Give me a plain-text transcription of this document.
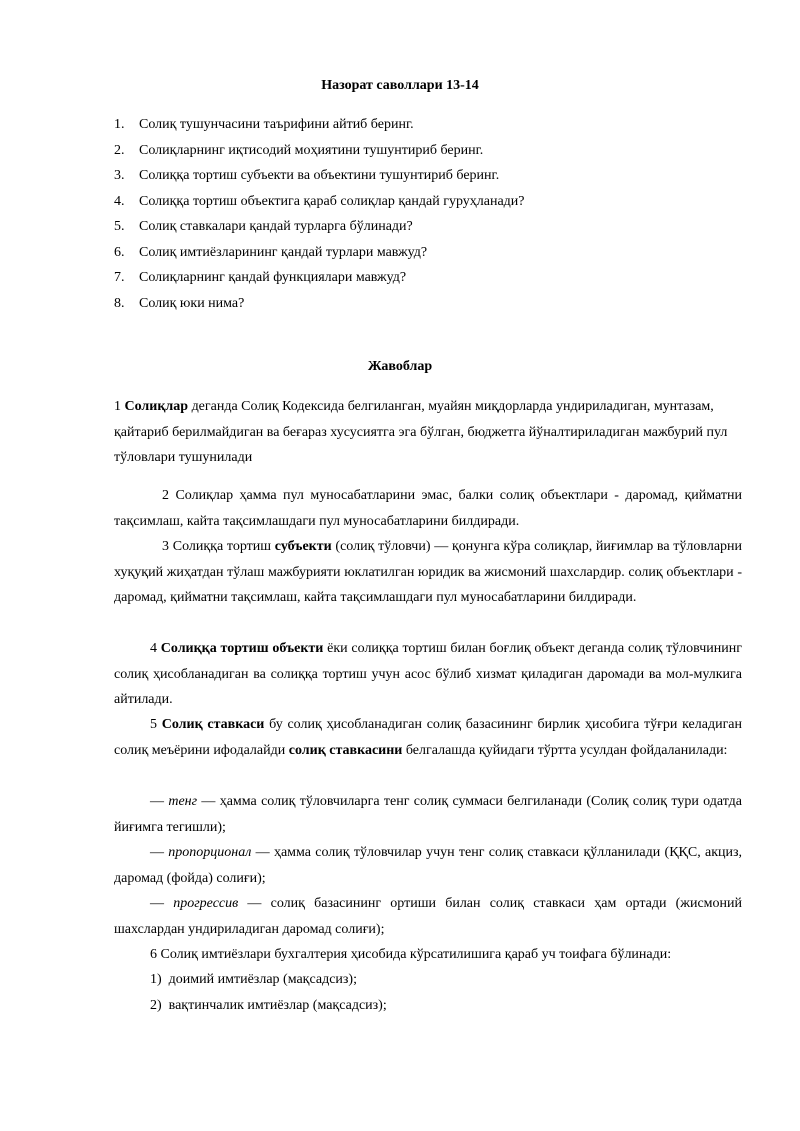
Назорат саволлари 13-14
1. Солиқ тушунчасини таърифини айтиб беринг.
2. Солиқларнинг иқтисодий моҳиятини тушунтириб беринг.
3. Солиққа тортиш субъекти ва объектини тушунтириб беринг.
4. Солиққа тортиш объектига қараб солиқлар қандай гуруҳланади?
5. Солиқ ставкалари қандай турларга бўлинади?
6. Солиқ имтиёзларининг қандай турлари мавжуд?
7. Солиқларнинг қандай функциялари мавжуд?
8. Солиқ юки нима?
Жавоблар
1 Солиқлар деганда Солиқ Кодексида белгиланган, муайян миқдорларда ундириладиган, мунтазам, қайтариб берилмайдиган ва беғараз хусусиятга эга бўлган, бюджетга йўналтириладиган мажбурий пул тўловлари тушунилади
2 Солиқлар ҳамма пул муносабатларини эмас, балки солиқ объектлари - даромад, қийматни тақсимлаш, кайта тақсимлашдаги пул муносабатларини билдиради.
3 Солиққа тортиш субъекти (солиқ тўловчи) — қонунга кўра солиқлар, йиғимлар ва тўловларни хуқуқий жиҳатдан тўлаш мажбурияти юклатилган юридик ва жисмоний шахслардир. солиқ объектлари - даромад, қийматни тақсимлаш, кайта тақсимлашдаги пул муносабатларини билдиради.
4 Солиққа тортиш объекти ёки солиққа тортиш билан боғлиқ объект деганда солиқ тўловчининг солиқ ҳисобланадиган ва солиққа тортиш учун асос бўлиб хизмат қиладиган даромади ва мол-мулкига айтилади.
5 Солиқ ставкаси бу солиқ ҳисобланадиган солиқ базасининг бирлик ҳисобига тўғри келадиган солиқ меъёрини ифодалайди солиқ ставкасини белгалашда қуйидаги тўртта усулдан фойдаланилади:
— тенг — ҳамма солиқ тўловчиларга тенг солиқ суммаси белгиланади (Солиқ солиқ тури одатда йиғимга тегишли);
— пропорционал — ҳамма солиқ тўловчилар учун тенг солиқ ставкаси қўлланилади (ҚҚС, акциз, даромад (фойда) солиғи);
— прогрессив — солиқ базасининг ортиши билан солиқ ставкаси ҳам ортади (жисмоний шахслардан ундириладиган даромад солиғи);
6 Солиқ имтиёзлари бухгалтерия ҳисобида кўрсатилишига қараб уч тоифага бўлинади:
1) доимий имтиёзлар (мақсадсиз);
2) вақтинчалик имтиёзлар (мақсадсиз);
